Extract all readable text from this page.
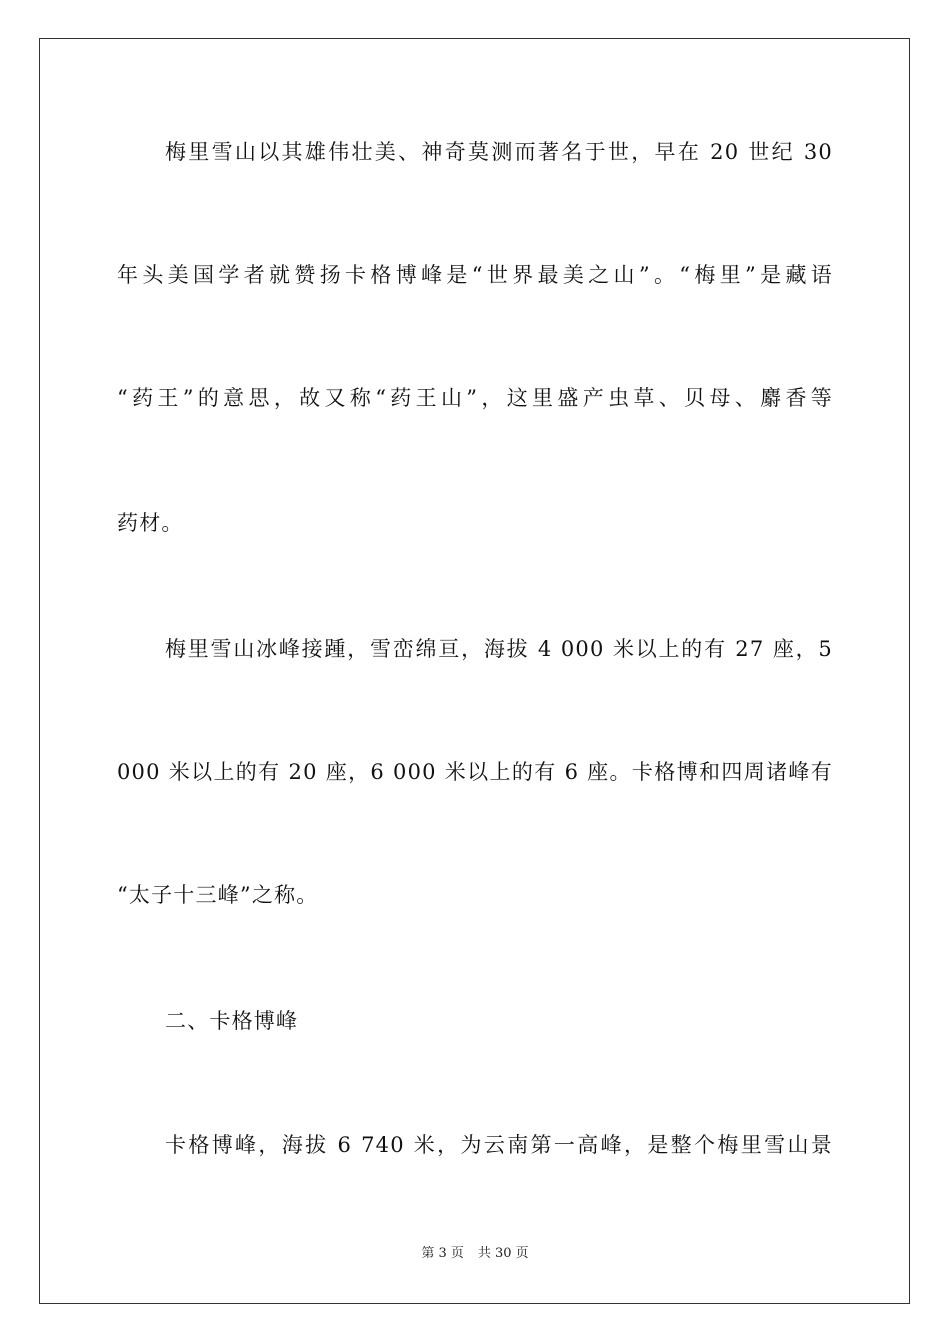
梅里雪山以其雄伟壮美、神奇莫测而著名于世，早在 20 世纪 30
年头美国学者就赞扬卡格博峰是“世界最美之山”。“梅里”是藏语
“药王”的意思，故又称“药王山”，这里盛产虫草、贝母、麝香等
药材。
梅里雪山冰峰接踵，雪峦绵亘，海拔 4 000 米以上的有 27 座，5
000 米以上的有 20 座，6 000 米以上的有 6 座。卡格博和四周诸峰有
“太子十三峰”之称。
二、卡格博峰
卡格博峰，海拔 6 740 米，为云南第一高峰，是整个梅里雪山景
第 3 页 共 30 页
